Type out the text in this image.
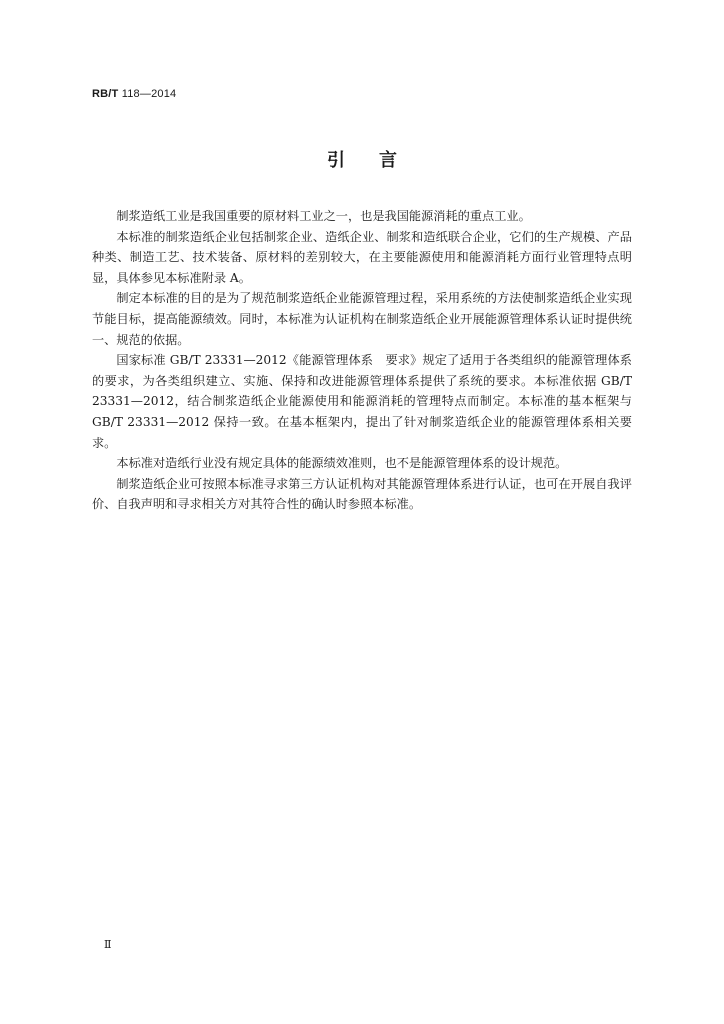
RB/T 118—2014
引言

制浆造纸工业是我国重要的原材料工业之一，也是我国能源消耗的重点工业。

本标准的制浆造纸企业包括制浆企业、造纸企业、制浆和造纸联合企业，它们的生产规模、产品种类、制造工艺、技术装备、原材料的差别较大，在主要能源使用和能源消耗方面行业管理特点明显，具体参见本标准附录 A。

制定本标准的目的是为了规范制浆造纸企业能源管理过程，采用系统的方法使制浆造纸企业实现节能目标，提高能源绩效。同时，本标准为认证机构在制浆造纸企业开展能源管理体系认证时提供统一、规范的依据。

国家标准 GB/T 23331—2012《能源管理体系　要求》规定了适用于各类组织的能源管理体系的要求，为各类组织建立、实施、保持和改进能源管理体系提供了系统的要求。本标准依据 GB/T 23331—2012，结合制浆造纸企业能源使用和能源消耗的管理特点而制定。本标准的基本框架与 GB/T 23331—2012 保持一致。在基本框架内，提出了针对制浆造纸企业的能源管理体系相关要求。

本标准对造纸行业没有规定具体的能源绩效准则，也不是能源管理体系的设计规范。

制浆造纸企业可按照本标准寻求第三方认证机构对其能源管理体系进行认证，也可在开展自我评价、自我声明和寻求相关方对其符合性的确认时参照本标准。

Ⅱ
